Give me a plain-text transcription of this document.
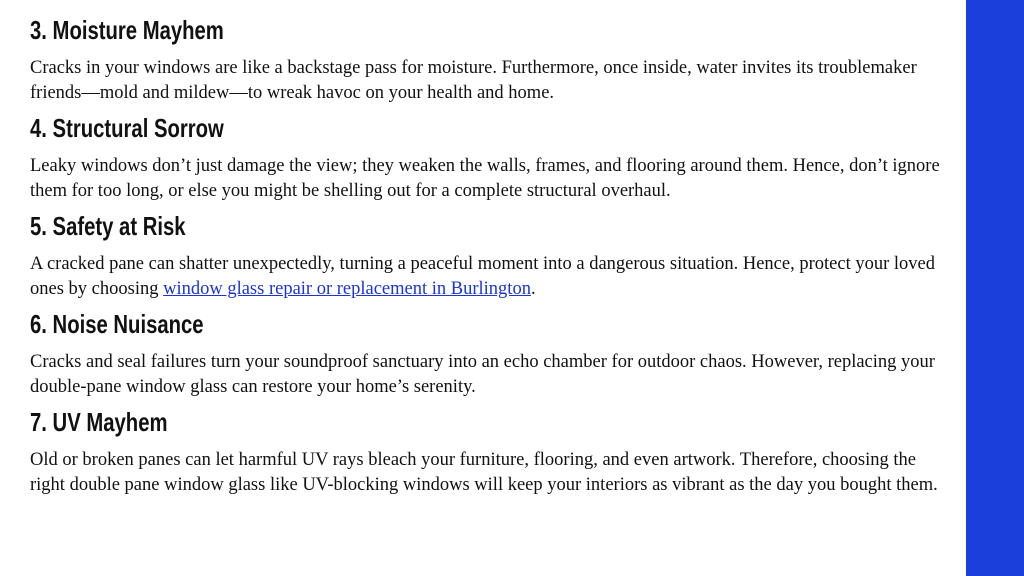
3. Moisture Mayhem

Cracks in your windows are like a backstage pass for moisture. Furthermore, once inside, water invites its troublemaker friends—mold and mildew—to wreak havoc on your health and home.

4. Structural Sorrow

Leaky windows don’t just damage the view; they weaken the walls, frames, and flooring around them. Hence, don’t ignore them for too long, or else you might be shelling out for a complete structural overhaul.

5. Safety at Risk

A cracked pane can shatter unexpectedly, turning a peaceful moment into a dangerous situation. Hence, protect your loved ones by choosing window glass repair or replacement in Burlington.

6. Noise Nuisance

Cracks and seal failures turn your soundproof sanctuary into an echo chamber for outdoor chaos. However, replacing your double-pane window glass can restore your home’s serenity.

7. UV Mayhem

Old or broken panes can let harmful UV rays bleach your furniture, flooring, and even artwork. Therefore, choosing the right double pane window glass like UV-blocking windows will keep your interiors as vibrant as the day you bought them.
